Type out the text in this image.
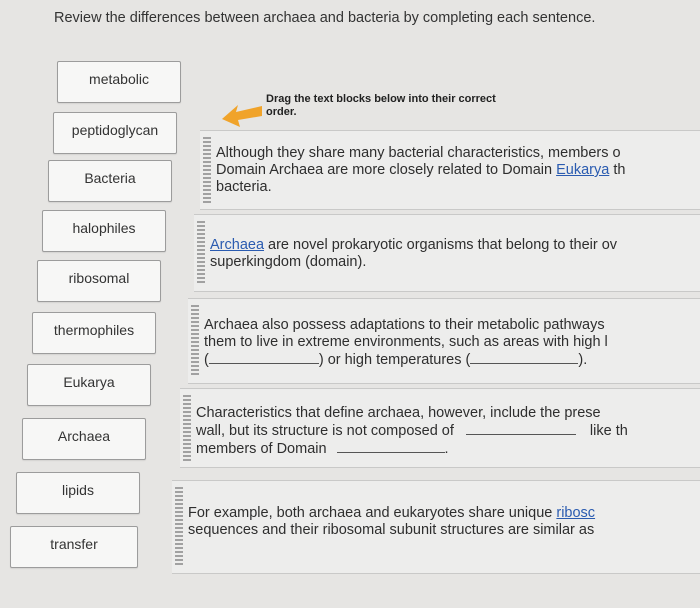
Review the differences between archaea and bacteria by completing each sentence.
metabolic
peptidoglycan
Bacteria
halophiles
ribosomal
thermophiles
Eukarya
Archaea
lipids
transfer
Drag the text blocks below into their correct order.
Although they share many bacterial characteristics, members o
Domain Archaea are more closely related to Domain Eukarya th
bacteria.
Archaea are novel prokaryotic organisms that belong to their ov
superkingdom (domain).
Archaea also possess adaptations to their metabolic pathways
them to live in extreme environments, such as areas with high l
(	) or high temperatures (	).
Characteristics that define archaea, however, include the prese
wall, but its structure is not composed of	like th
members of Domain	.
For example, both archaea and eukaryotes share unique ribosc
sequences and their ribosomal subunit structures are similar as
